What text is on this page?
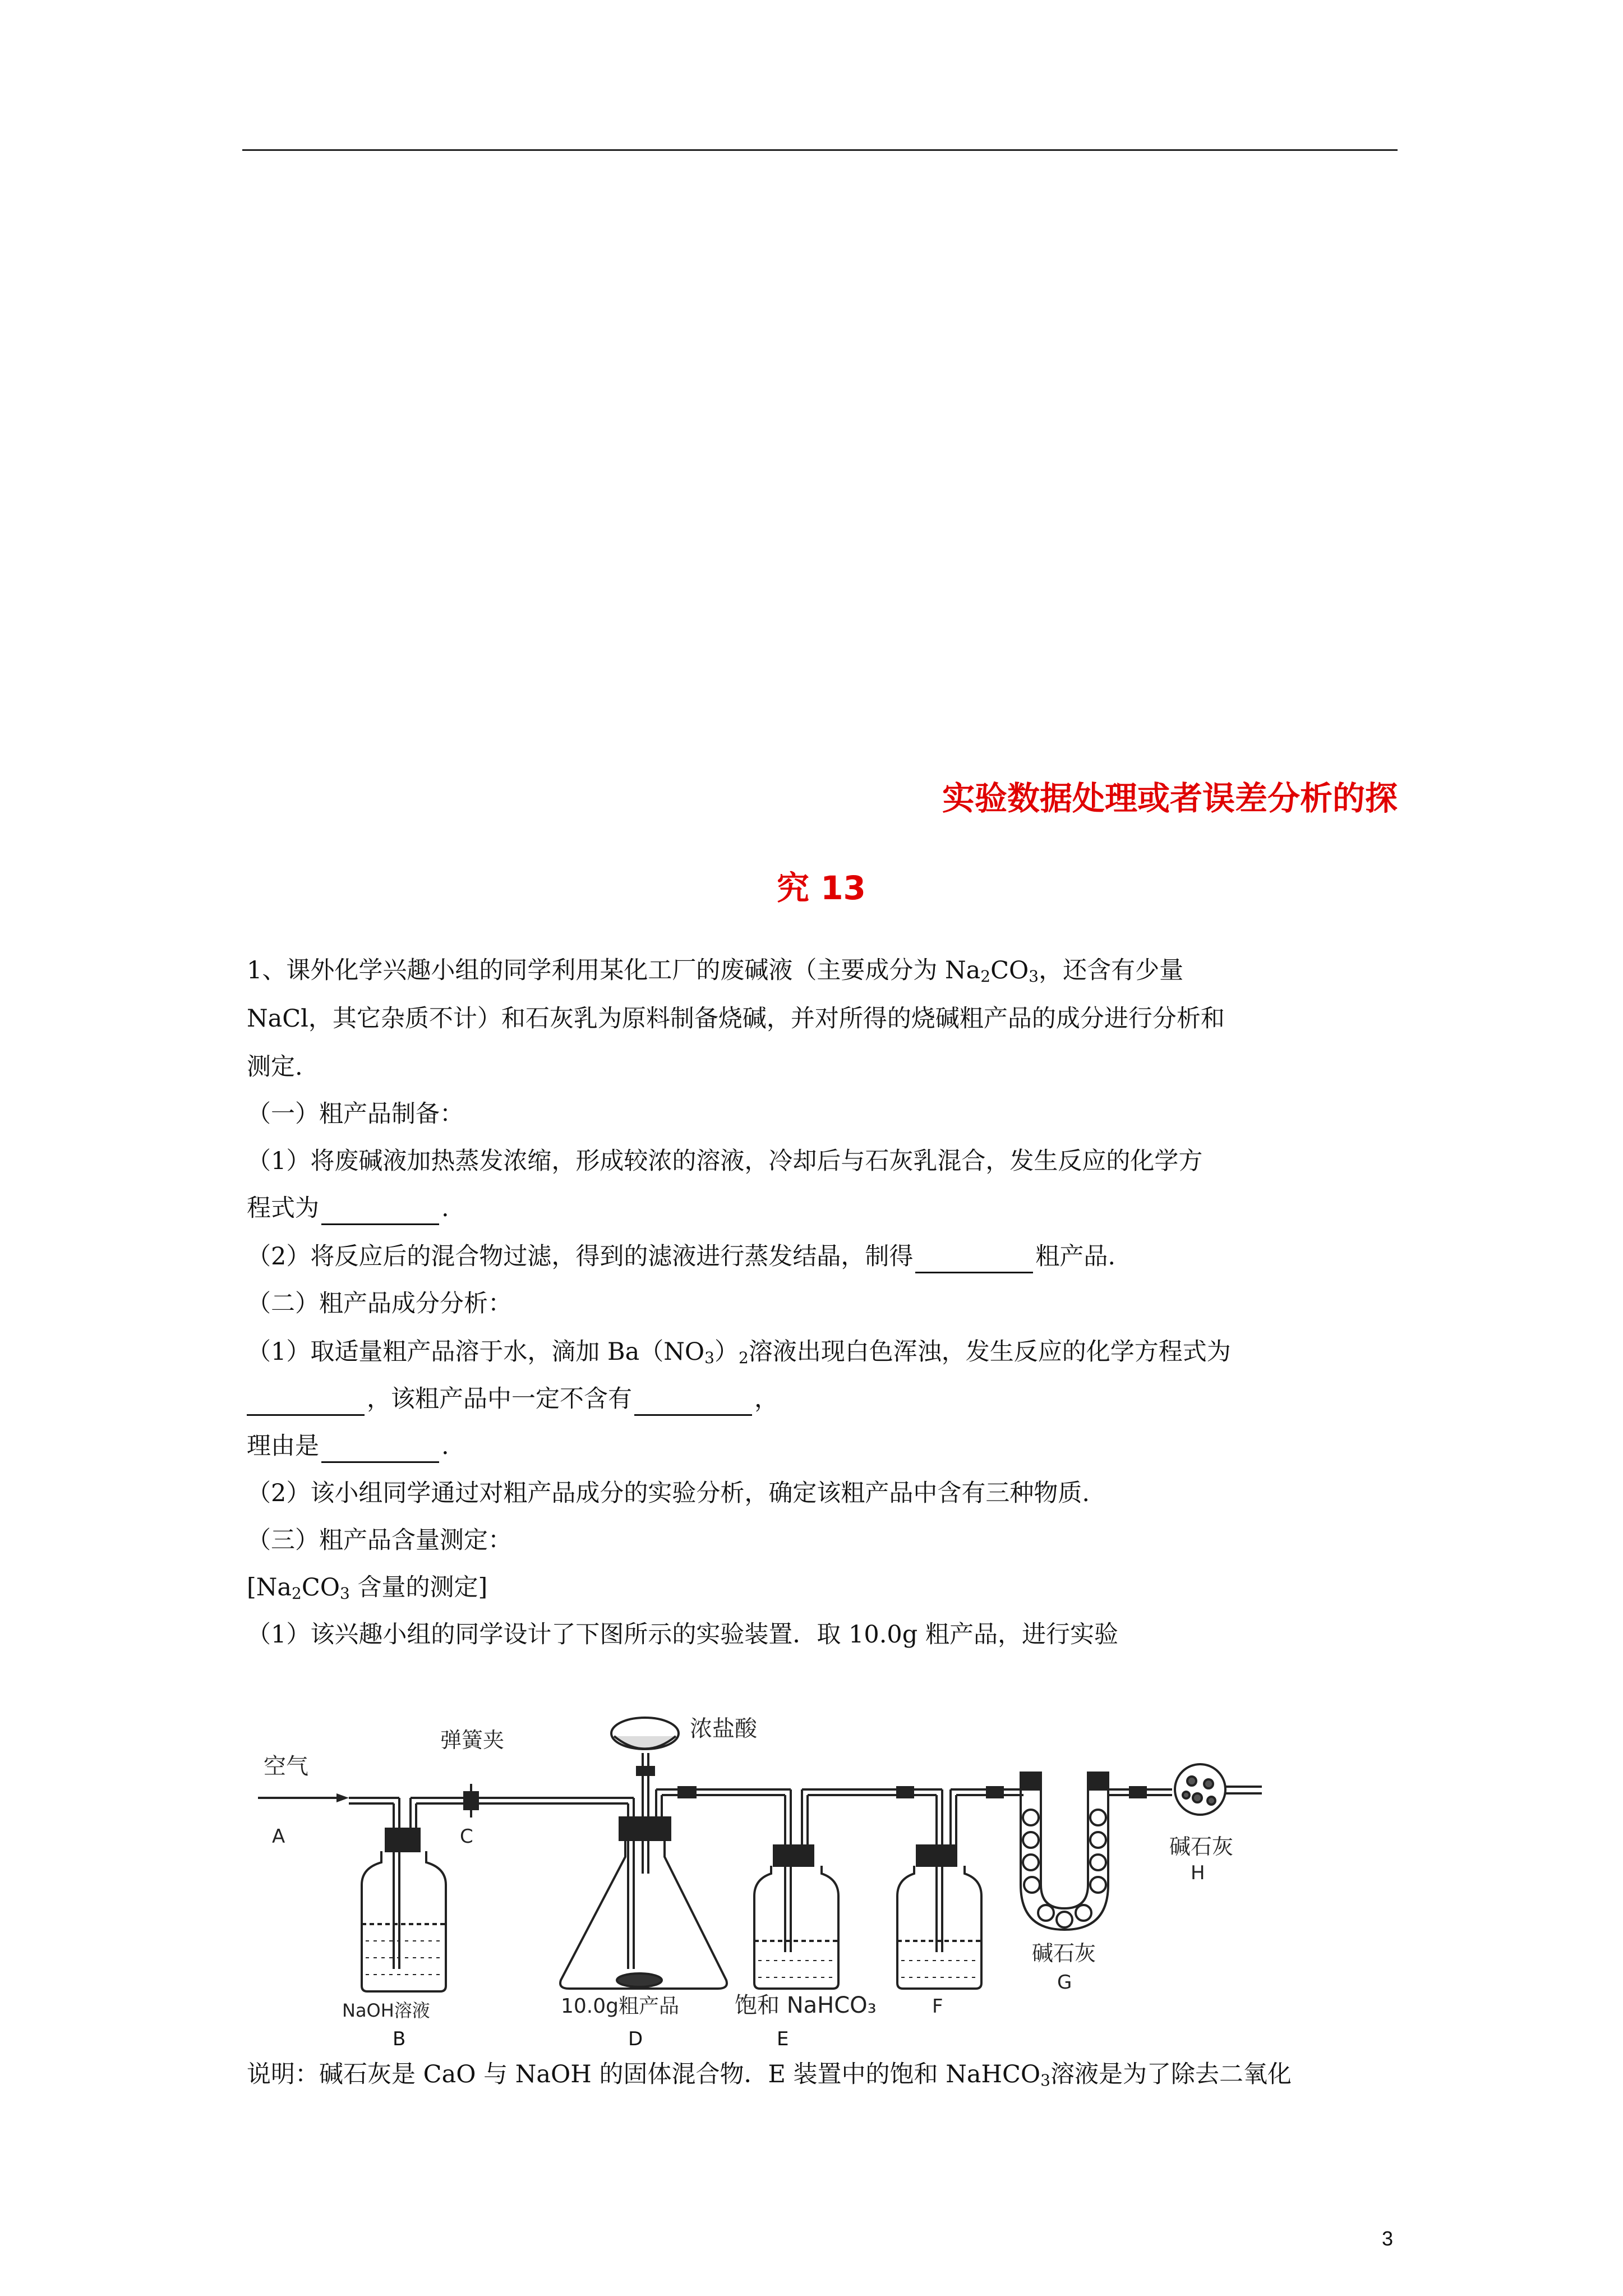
实验数据处理或者误差分析的探
究 13
1、课外化学兴趣小组的同学利用某化工厂的废碱液（主要成分为 $Na_2CO_3$，还含有少量
NaCl，其它杂质不计）和石灰乳为原料制备烧碱，并对所得的烧碱粗产品的成分进行分析和
测定.
（一）粗产品制备：
（1）将废碱液加热蒸发浓缩，形成较浓的溶液，冷却后与石灰乳混合，发生反应的化学方
程式为	.
（2）将反应后的混合物过滤，得到的滤液进行蒸发结晶，制得	粗产品.
（二）粗产品成分分析：
（1）取适量粗产品溶于水，滴加 $Ba(NO_3)_2$溶液出现白色浑浊，发生反应的化学方程式为
，该粗产品中一定不含有	，
理由是	.
（2）该小组同学通过对粗产品成分的实验分析，确定该粗产品中含有三种物质.
（三）粗产品含量测定：
[$Na_2CO_3$ 含量的测定]
（1）该兴趣小组的同学设计了下图所示的实验装置．取 10.0g 粗产品，进行实验
空气
A
NaOH溶液
弹簧夹
C
浓盐酸
10.0g粗产品 饱和 NaHCO₃	F
碱石灰
G
碱石灰
H
B	D	E
说明：碱石灰是 CaO 与 NaOH 的固体混合物．E 装置中的饱和 NaHCO$_3$溶液是为了除去二氧化
3
